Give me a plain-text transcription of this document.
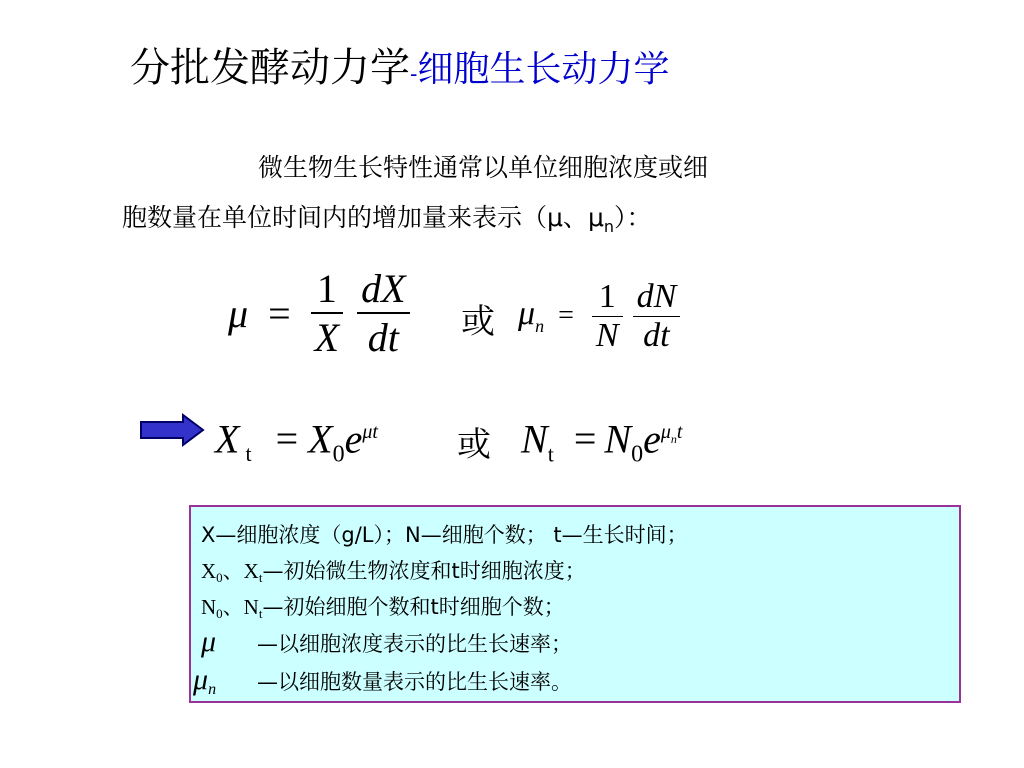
分批发酵动力学-细胞生长动力学
微生物生长特性通常以单位细胞浓度或细
胞数量在单位时间内的增加量来表示（μ、$\mu_n$）：
$\mu = \frac{1}{X} \frac{dX}{dt}$ 或 $\mu_n = \frac{1}{N} \frac{dN}{dt}$
X $_t = X_0e^{\mu t}$ 或 $N_t = N_0e^{\mu_nt}$
X—细胞浓度（g/L）；N—细胞个数； t—生长时间；
$X_0$、$X_t—$初始微生物浓度和t时细胞浓度；
$N_0$、$N_t—$初始细胞个数和t时细胞个数；
μ —以细胞浓度表示的比生长速率；
$\mu_n$ —以细胞数量表示的比生长速率。
